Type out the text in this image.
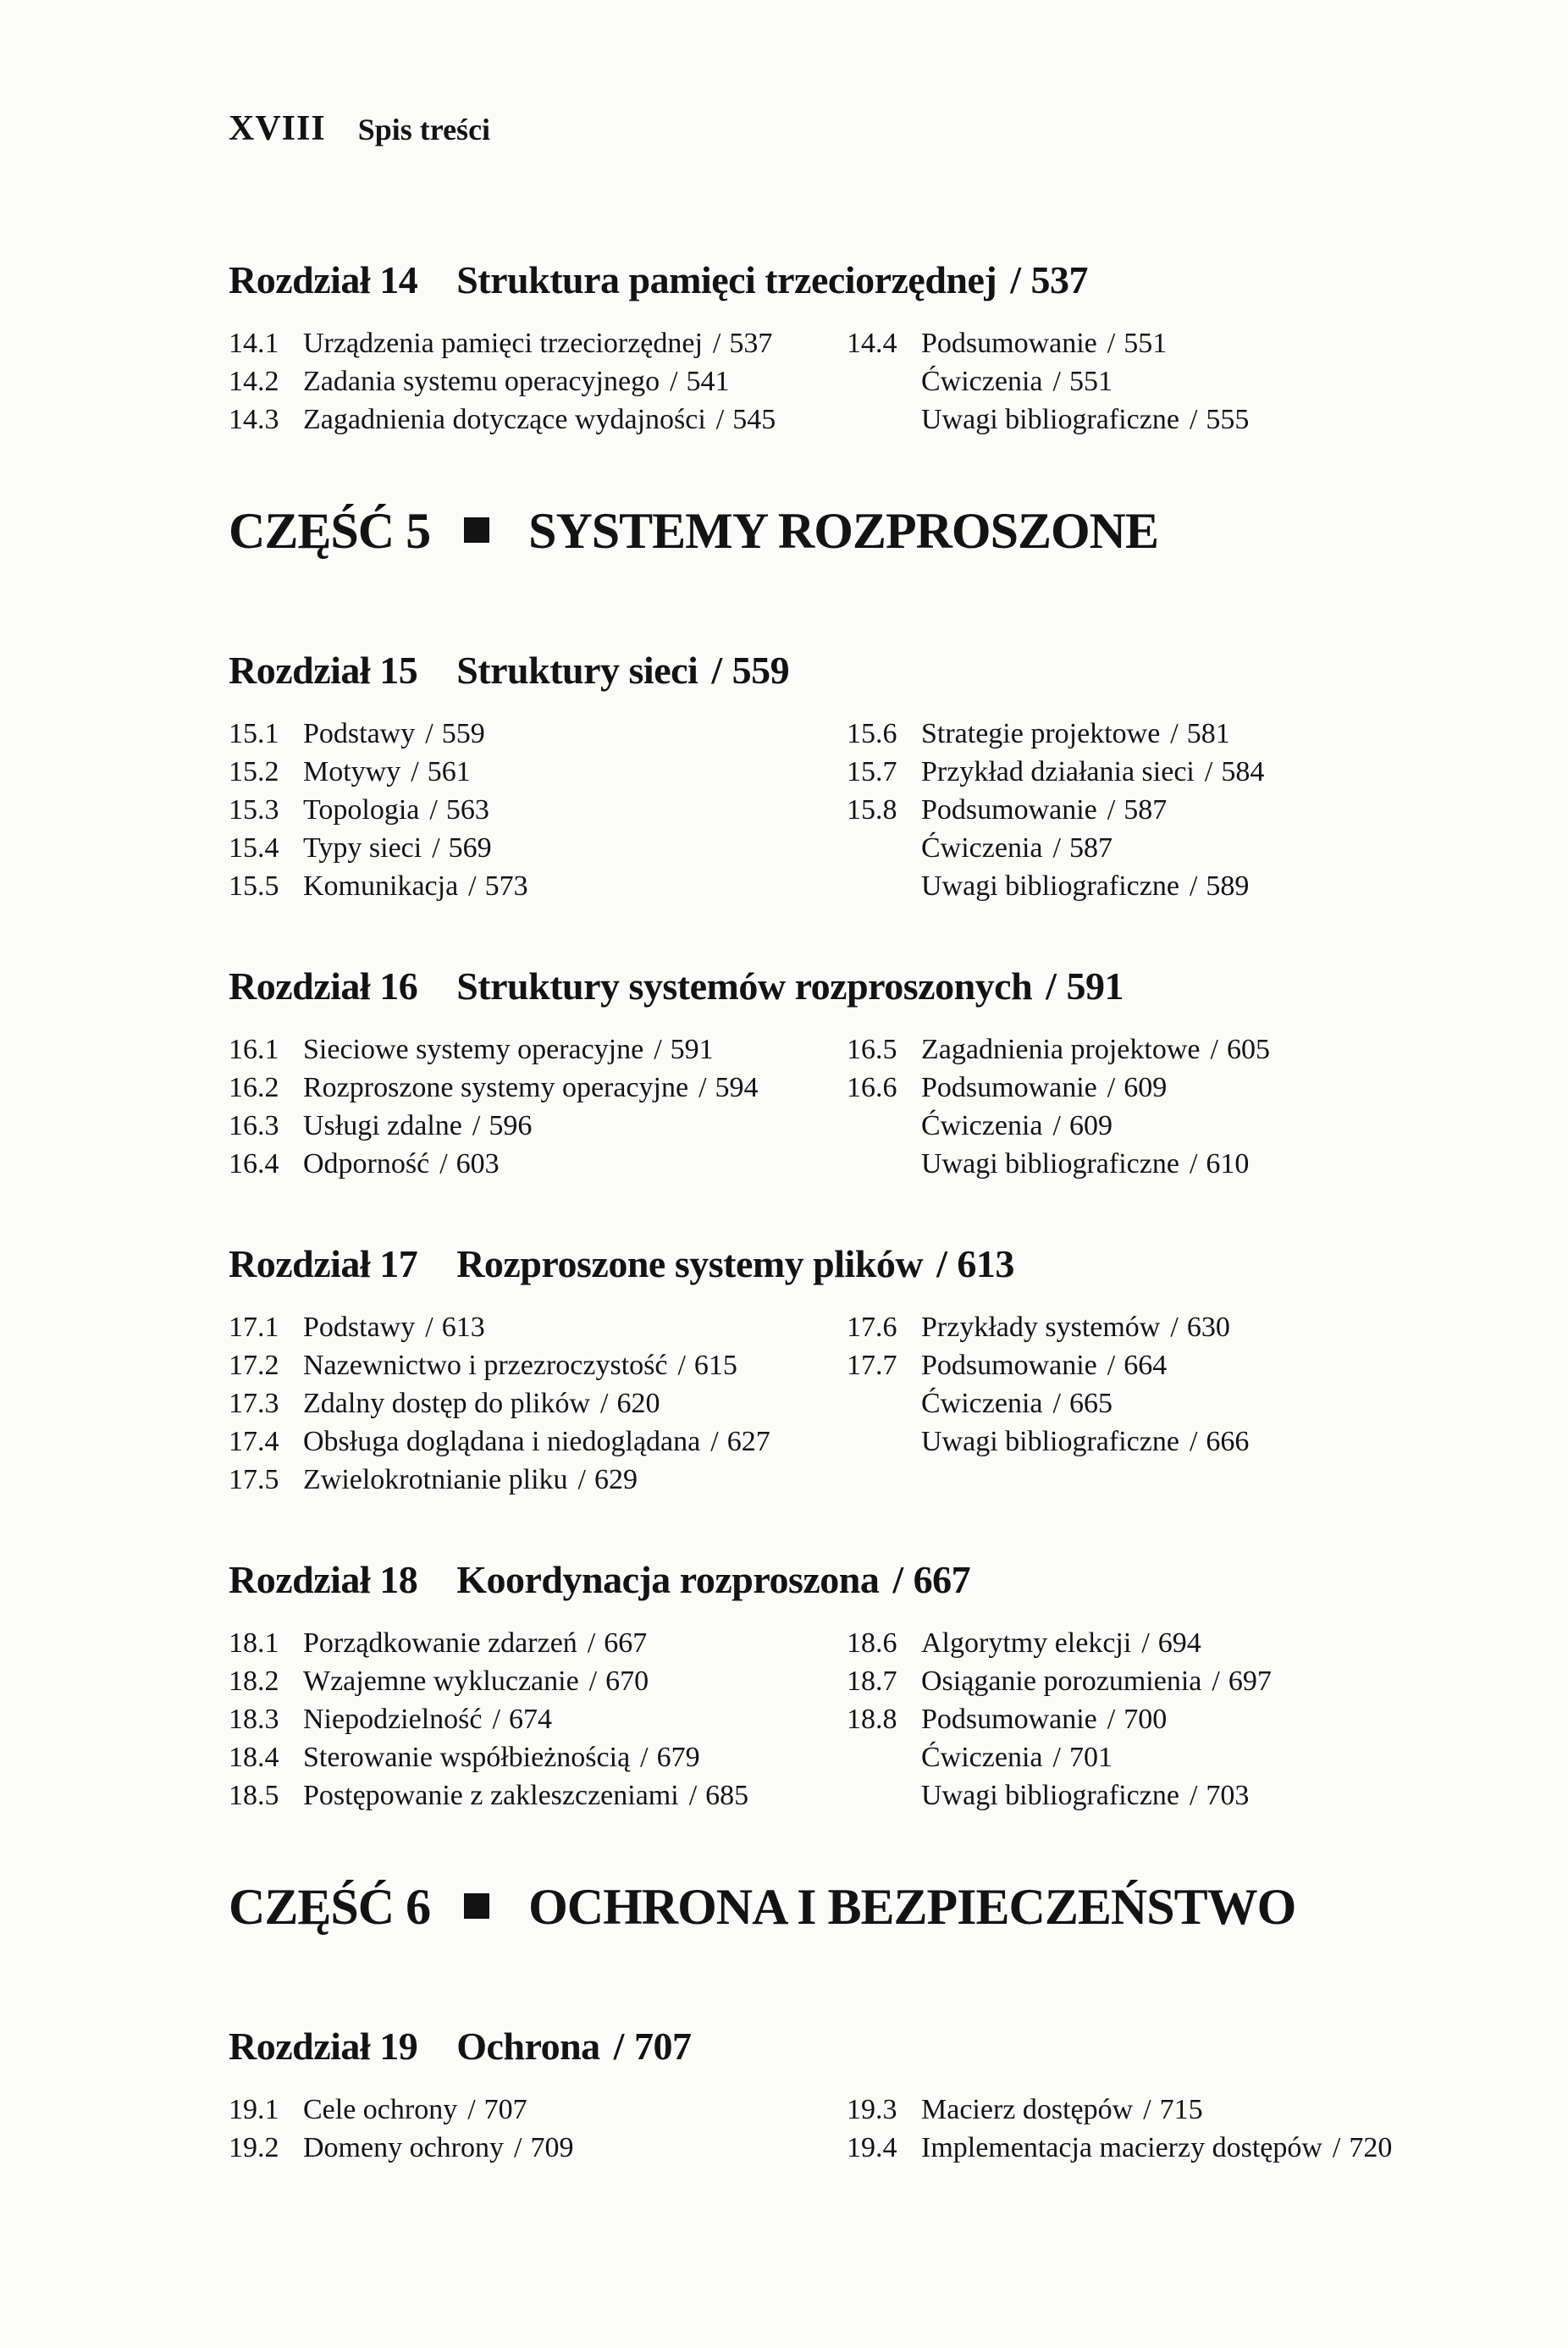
XVIII Spis treści
Rozdział 14 Struktura pamięci trzeciorzędnej / 537
14.1 Urządzenia pamięci trzeciorzędnej / 537
14.2 Zadania systemu operacyjnego / 541
14.3 Zagadnienia dotyczące wydajności / 545
14.4 Podsumowanie / 551
Ćwiczenia / 551
Uwagi bibliograficzne / 555
CZĘŚĆ 5 SYSTEMY ROZPROSZONE
Rozdział 15 Struktury sieci / 559
15.1 Podstawy / 559
15.2 Motywy / 561
15.3 Topologia / 563
15.4 Typy sieci / 569
15.5 Komunikacja / 573
15.6 Strategie projektowe / 581
15.7 Przykład działania sieci / 584
15.8 Podsumowanie / 587
Ćwiczenia / 587
Uwagi bibliograficzne / 589
Rozdział 16 Struktury systemów rozproszonych / 591
16.1 Sieciowe systemy operacyjne / 591
16.2 Rozproszone systemy operacyjne / 594
16.3 Usługi zdalne / 596
16.4 Odporność / 603
16.5 Zagadnienia projektowe / 605
16.6 Podsumowanie / 609
Ćwiczenia / 609
Uwagi bibliograficzne / 610
Rozdział 17 Rozproszone systemy plików / 613
17.1 Podstawy / 613
17.2 Nazewnictwo i przezroczystość / 615
17.3 Zdalny dostęp do plików / 620
17.4 Obsługa doglądana i niedoglądana / 627
17.5 Zwielokrotnianie pliku / 629
17.6 Przykłady systemów / 630
17.7 Podsumowanie / 664
Ćwiczenia / 665
Uwagi bibliograficzne / 666
Rozdział 18 Koordynacja rozproszona / 667
18.1 Porządkowanie zdarzeń / 667
18.2 Wzajemne wykluczanie / 670
18.3 Niepodzielność / 674
18.4 Sterowanie współbieżnością / 679
18.5 Postępowanie z zakleszczeniami / 685
18.6 Algorytmy elekcji / 694
18.7 Osiąganie porozumienia / 697
18.8 Podsumowanie / 700
Ćwiczenia / 701
Uwagi bibliograficzne / 703
CZĘŚĆ 6 OCHRONA I BEZPIECZEŃSTWO
Rozdział 19 Ochrona / 707
19.1 Cele ochrony / 707
19.2 Domeny ochrony / 709
19.3 Macierz dostępów / 715
19.4 Implementacja macierzy dostępów / 720
